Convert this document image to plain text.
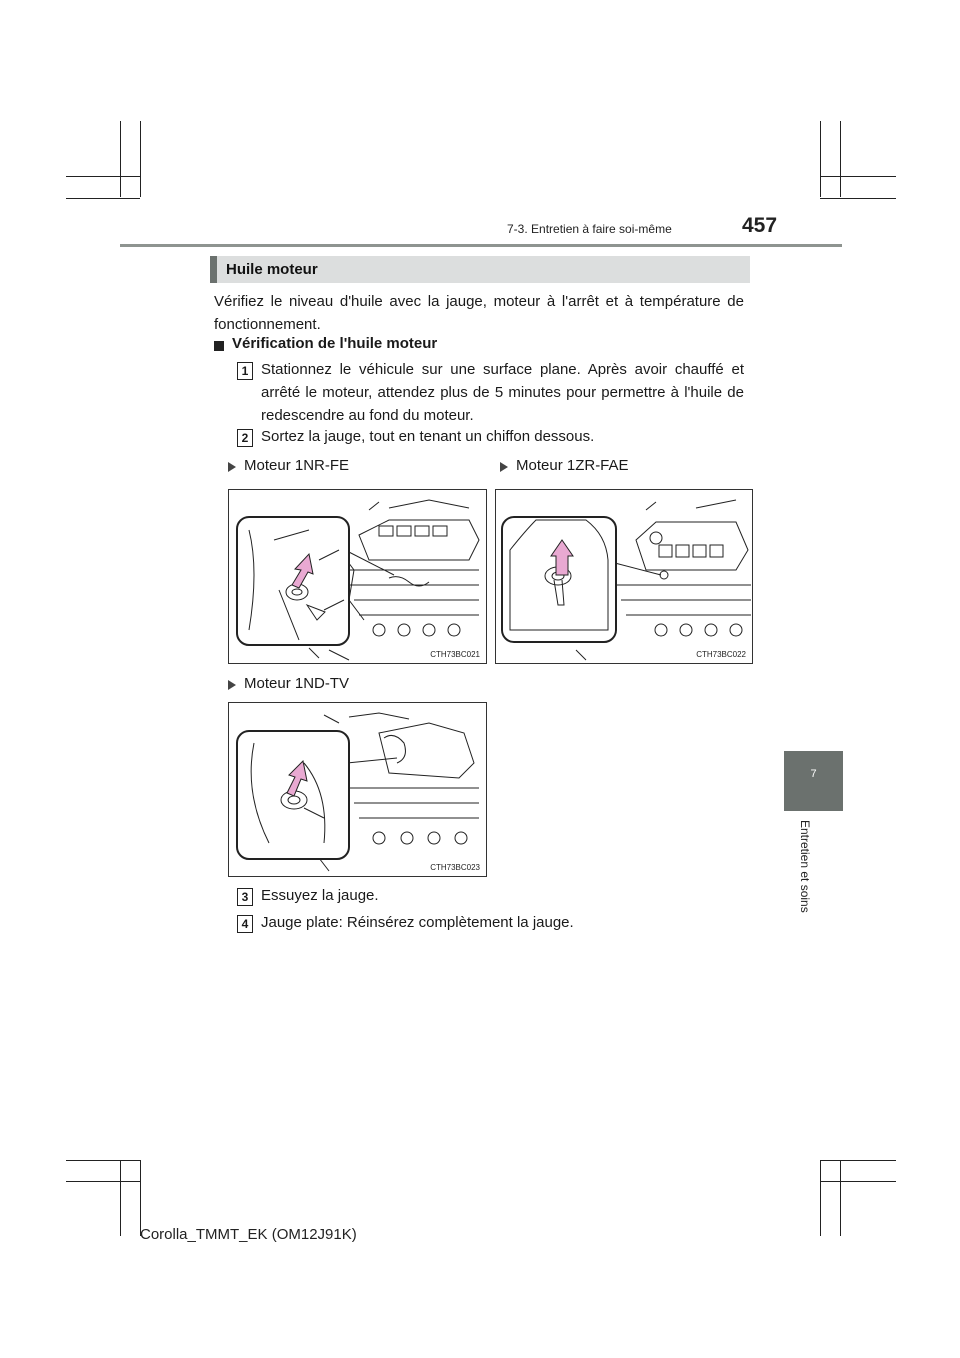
7-3. Entretien à faire soi-même	457
Huile moteur
Vérifiez le niveau d'huile avec la jauge, moteur à l'arrêt et à température de fonctionnement.
Vérification de l'huile moteur
1 Stationnez le véhicule sur une surface plane. Après avoir chauffé et arrêté le moteur, attendez plus de 5 minutes pour permettre à l'huile de redescendre au fond du moteur.
2 Sortez la jauge, tout en tenant un chiffon dessous.
Moteur 1NR-FE	Moteur 1ZR-FAE
CTH73BC021	CTH73BC022
Moteur 1ND-TV
CTH73BC023
3 Essuyez la jauge.
4 Jauge plate: Réinsérez complètement la jauge.
7
Entretien et soins
Corolla_TMMT_EK (OM12J91K)
